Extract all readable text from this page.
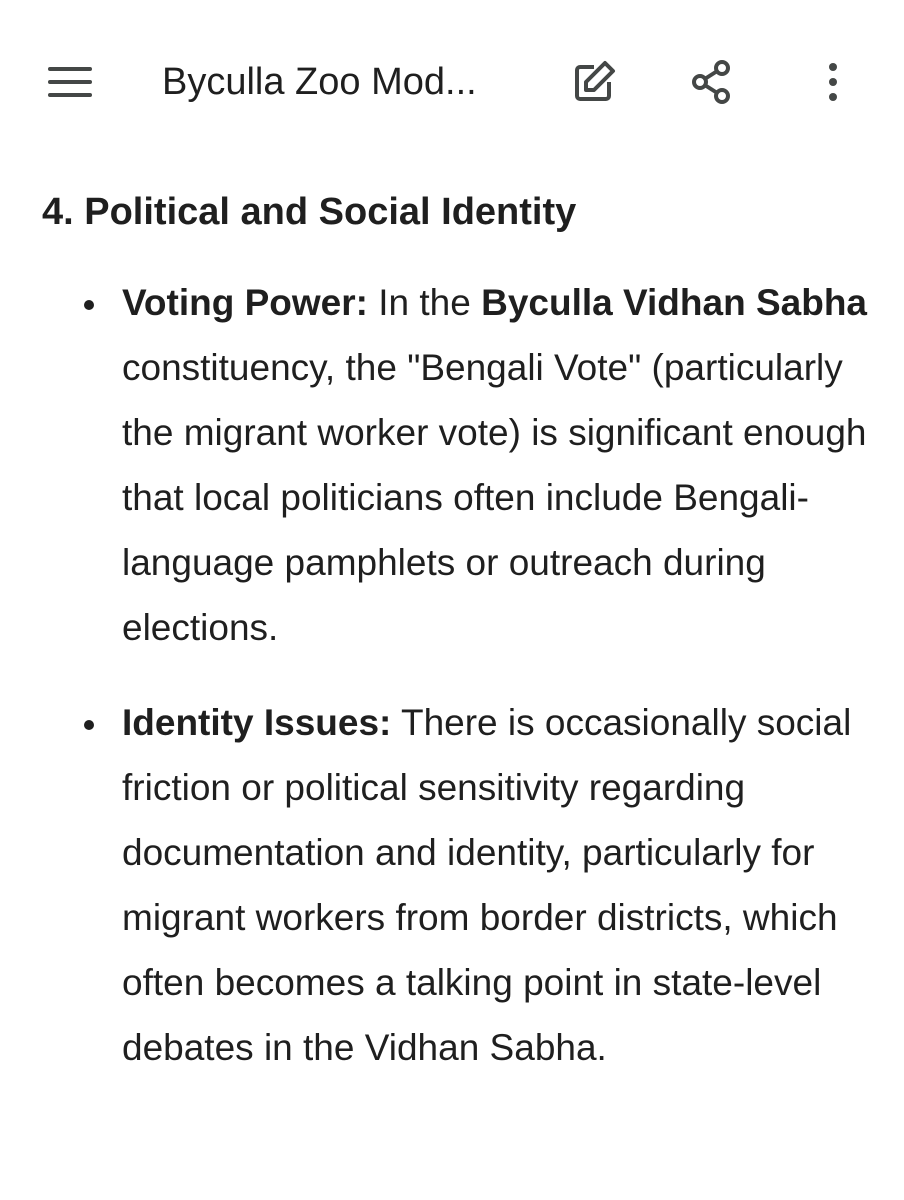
Byculla Zoo Mod...
4. Political and Social Identity
Voting Power: In the Byculla Vidhan Sabha constituency, the "Bengali Vote" (particularly the migrant worker vote) is significant enough that local politicians often include Bengali-language pamphlets or outreach during elections.
Identity Issues: There is occasionally social friction or political sensitivity regarding documentation and identity, particularly for migrant workers from border districts, which often becomes a talking point in state-level debates in the Vidhan Sabha.
